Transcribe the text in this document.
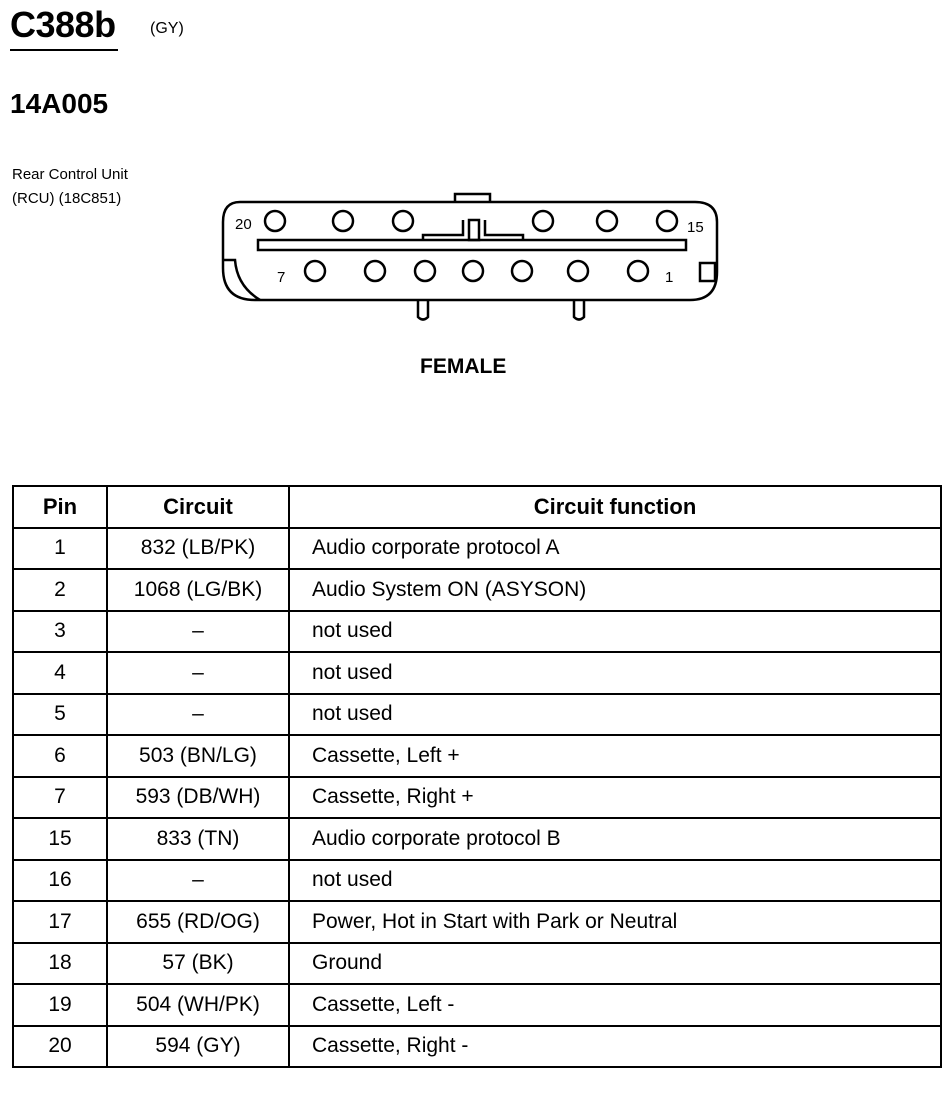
C388b (GY)
14A005
Rear Control Unit
(RCU) (18C851)
20	15
7	1
FEMALE
Pin	Circuit	Circuit function
1	832 (LB/PK)	Audio corporate protocol A
2	1068 (LG/BK)	Audio System ON (ASYSON)
3	–	not used
4	–	not used
5	–	not used
6	503 (BN/LG)	Cassette, Left +
7	593 (DB/WH)	Cassette, Right +
15	833 (TN)	Audio corporate protocol B
16	–	not used
17	655 (RD/OG)	Power, Hot in Start with Park or Neutral
18	57 (BK)	Ground
19	504 (WH/PK)	Cassette, Left -
20	594 (GY)	Cassette, Right -
